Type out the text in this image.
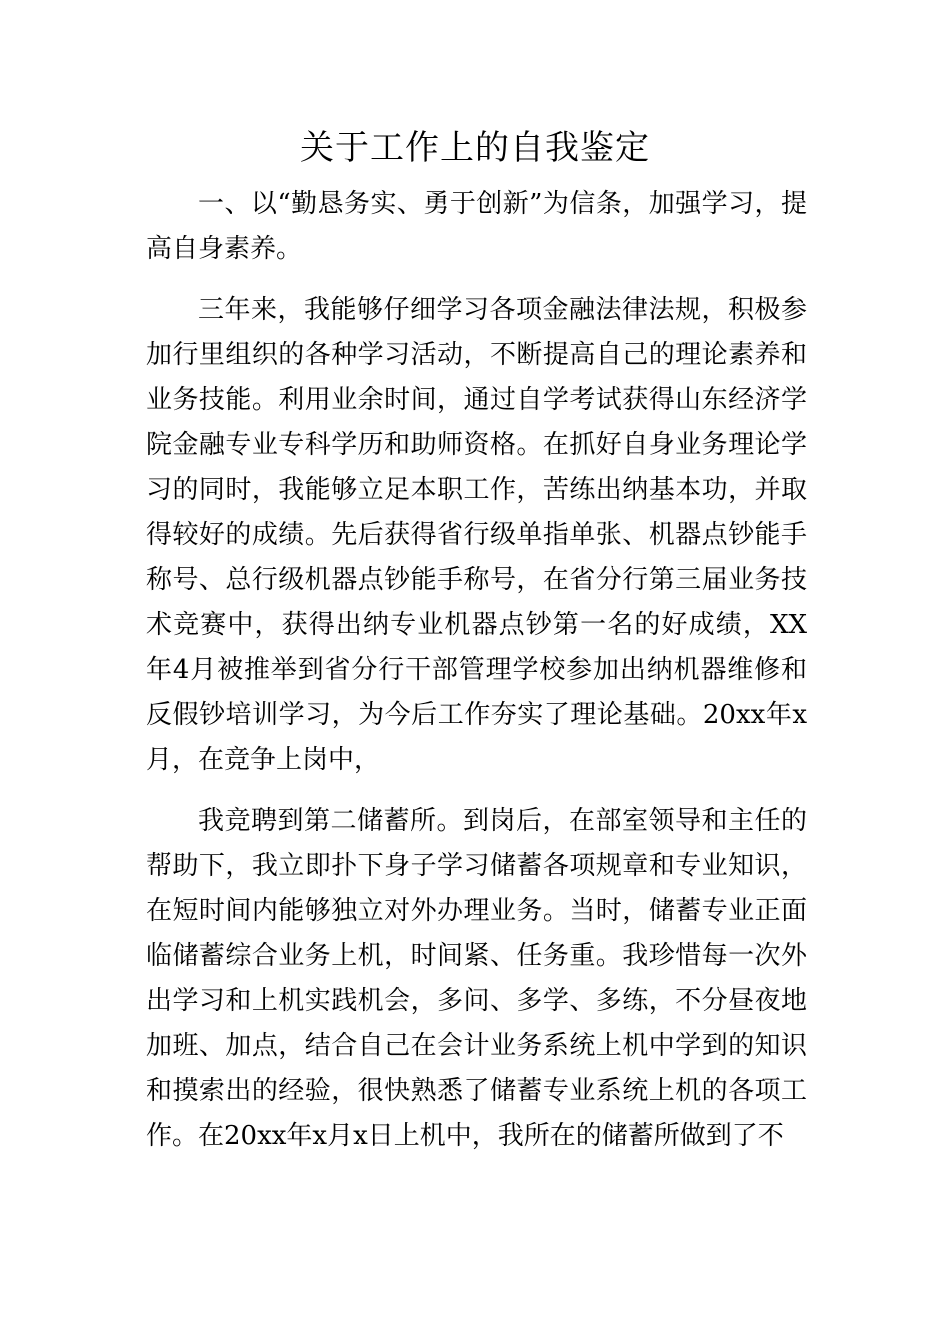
关于工作上的自我鉴定

一、以“勤恳务实、勇于创新”为信条，加强学习，提高自身素养。

三年来，我能够仔细学习各项金融法律法规，积极参加行里组织的各种学习活动，不断提高自己的理论素养和业务技能。利用业余时间，通过自学考试获得山东经济学院金融专业专科学历和助师资格。在抓好自身业务理论学习的同时，我能够立足本职工作，苦练出纳基本功，并取得较好的成绩。先后获得省行级单指单张、机器点钞能手称号、总行级机器点钞能手称号，在省分行第三届业务技术竞赛中，获得出纳专业机器点钞第一名的好成绩，XX年4月被推举到省分行干部管理学校参加出纳机器维修和反假钞培训学习，为今后工作夯实了理论基础。20xx年x月，在竞争上岗中，

我竞聘到第二储蓄所。到岗后，在部室领导和主任的帮助下，我立即扑下身子学习储蓄各项规章和专业知识，在短时间内能够独立对外办理业务。当时，储蓄专业正面临储蓄综合业务上机，时间紧、任务重。我珍惜每一次外出学习和上机实践机会，多问、多学、多练，不分昼夜地加班、加点，结合自己在会计业务系统上机中学到的知识和摸索出的经验，很快熟悉了储蓄专业系统上机的各项工作。在20xx年x月x日上机中，我所在的储蓄所做到了不
